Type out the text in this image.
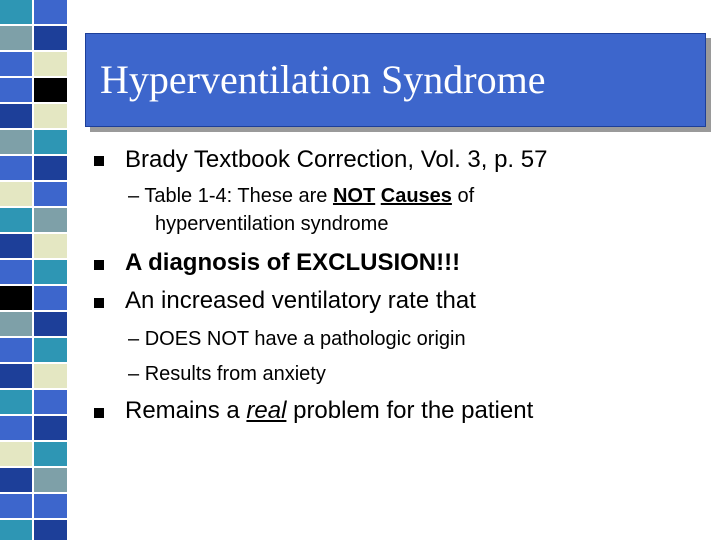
Hyperventilation Syndrome
Brady Textbook Correction, Vol. 3, p. 57
– Table 1-4: These are NOT Causes of
hyperventilation syndrome
A diagnosis of EXCLUSION!!!
An increased ventilatory rate that
– DOES NOT have a pathologic origin
– Results from anxiety
Remains a real problem for the patient
